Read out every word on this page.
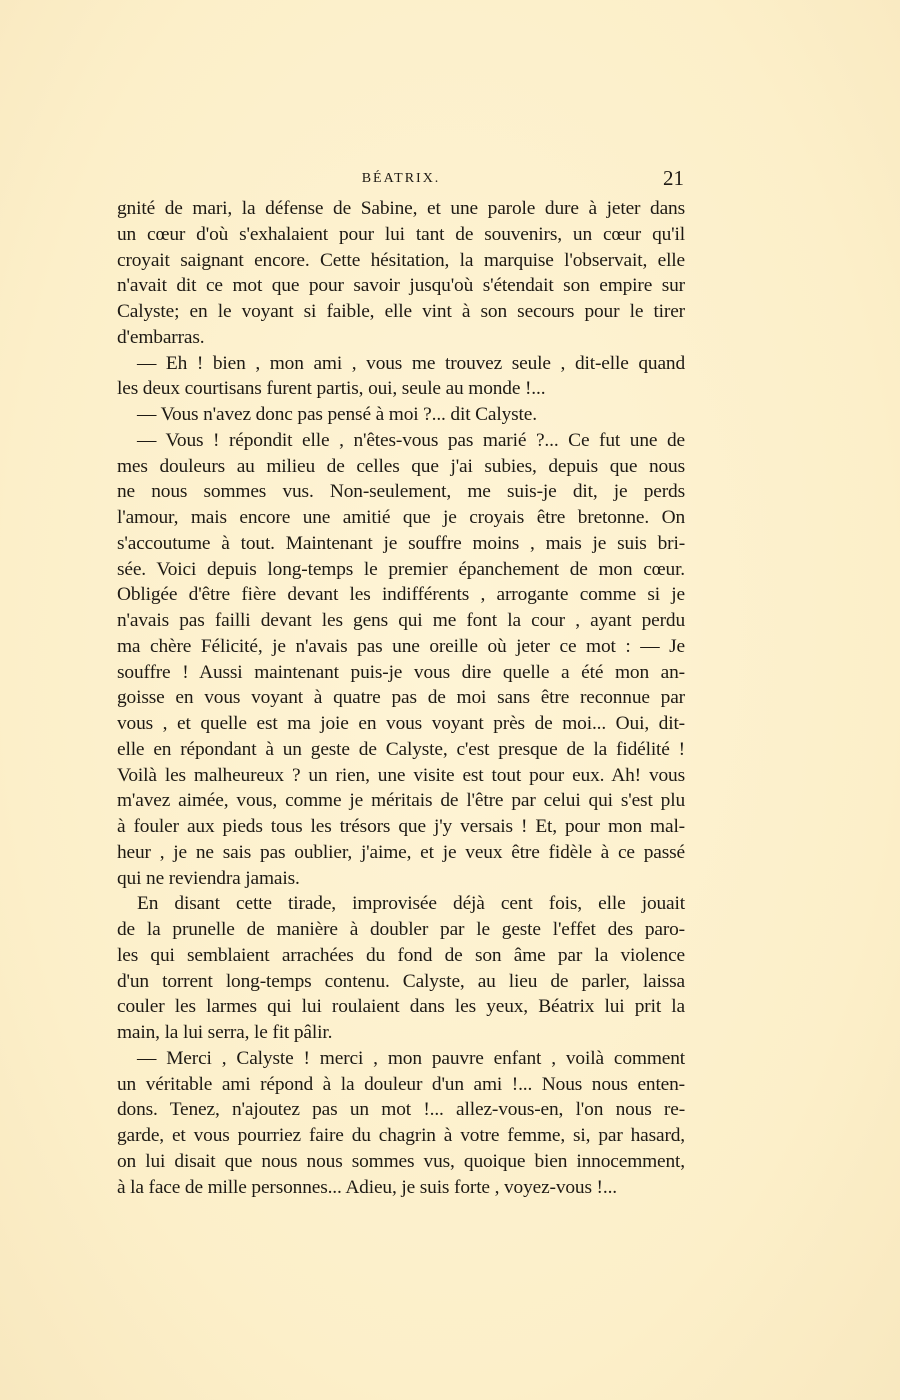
BÉATRIX.	21
gnité de mari, la défense de Sabine, et une parole dure à jeter dans
un cœur d'où s'exhalaient pour lui tant de souvenirs, un cœur qu'il
croyait saignant encore. Cette hésitation, la marquise l'observait, elle
n'avait dit ce mot que pour savoir jusqu'où s'étendait son empire sur
Calyste; en le voyant si faible, elle vint à son secours pour le tirer
d'embarras.
— Eh ! bien , mon ami , vous me trouvez seule , dit-elle quand
les deux courtisans furent partis, oui, seule au monde !...
— Vous n'avez donc pas pensé à moi ?... dit Calyste.
— Vous ! répondit elle , n'êtes-vous pas marié ?... Ce fut une de
mes douleurs au milieu de celles que j'ai subies, depuis que nous
ne nous sommes vus. Non-seulement, me suis-je dit, je perds
l'amour, mais encore une amitié que je croyais être bretonne. On
s'accoutume à tout. Maintenant je souffre moins , mais je suis bri-
sée. Voici depuis long-temps le premier épanchement de mon cœur.
Obligée d'être fière devant les indifférents , arrogante comme si je
n'avais pas failli devant les gens qui me font la cour , ayant perdu
ma chère Félicité, je n'avais pas une oreille où jeter ce mot : — Je
souffre ! Aussi maintenant puis-je vous dire quelle a été mon an-
goisse en vous voyant à quatre pas de moi sans être reconnue par
vous , et quelle est ma joie en vous voyant près de moi... Oui, dit-
elle en répondant à un geste de Calyste, c'est presque de la fidélité !
Voilà les malheureux ? un rien, une visite est tout pour eux. Ah! vous
m'avez aimée, vous, comme je méritais de l'être par celui qui s'est plu
à fouler aux pieds tous les trésors que j'y versais ! Et, pour mon mal-
heur , je ne sais pas oublier, j'aime, et je veux être fidèle à ce passé
qui ne reviendra jamais.
En disant cette tirade, improvisée déjà cent fois, elle jouait
de la prunelle de manière à doubler par le geste l'effet des paro-
les qui semblaient arrachées du fond de son âme par la violence
d'un torrent long-temps contenu. Calyste, au lieu de parler, laissa
couler les larmes qui lui roulaient dans les yeux, Béatrix lui prit la
main, la lui serra, le fit pâlir.
— Merci , Calyste ! merci , mon pauvre enfant , voilà comment
un véritable ami répond à la douleur d'un ami !... Nous nous enten-
dons. Tenez, n'ajoutez pas un mot !... allez-vous-en, l'on nous re-
garde, et vous pourriez faire du chagrin à votre femme, si, par hasard,
on lui disait que nous nous sommes vus, quoique bien innocemment,
à la face de mille personnes... Adieu, je suis forte , voyez-vous !...
